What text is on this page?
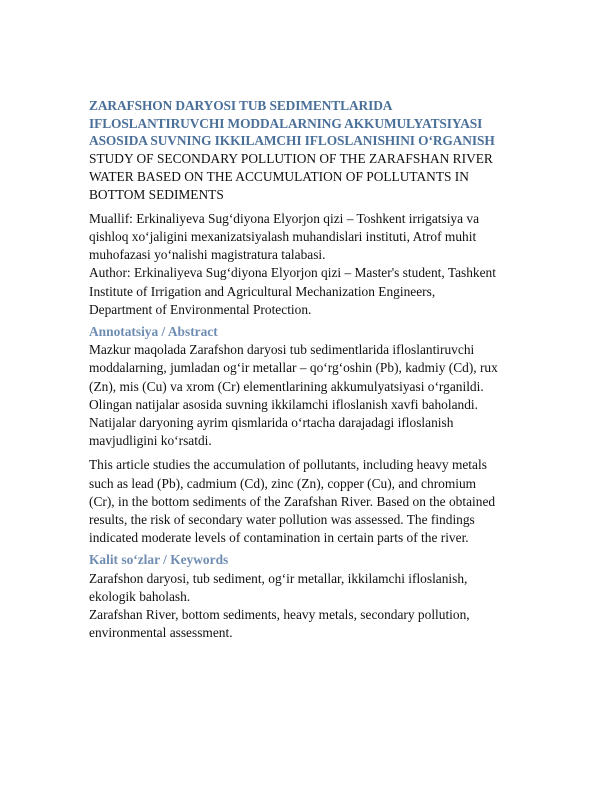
ZARAFSHON DARYOSI TUB SEDIMENTLARIDA
IFLOSLANTIRUVCHI MODDALARNING AKKUMULYATSIYASI
ASOSIDA SUVNING IKKILAMCHI IFLOSLANISHINI O‘RGANISH
STUDY OF SECONDARY POLLUTION OF THE ZARAFSHAN RIVER
WATER BASED ON THE ACCUMULATION OF POLLUTANTS IN
BOTTOM SEDIMENTS

Muallif: Erkinaliyeva Sug‘diyona Elyorjon qizi – Toshkent irrigatsiya va

qishloq xo‘jaligini mexanizatsiyalash muhandislari instituti, Atrof muhit

muhofazasi yo‘nalishi magistratura talabasi.

Author: Erkinaliyeva Sug‘diyona Elyorjon qizi – Master's student, Tashkent

Institute of Irrigation and Agricultural Mechanization Engineers,

Department of Environmental Protection.

Annotatsiya / Abstract

Mazkur maqolada Zarafshon daryosi tub sedimentlarida ifloslantiruvchi

moddalarning, jumladan og‘ir metallar – qo‘rg‘oshin (Pb), kadmiy (Cd), rux

(Zn), mis (Cu) va xrom (Cr) elementlarining akkumulyatsiyasi o‘rganildi.

Olingan natijalar asosida suvning ikkilamchi ifloslanish xavfi baholandi.

Natijalar daryoning ayrim qismlarida o‘rtacha darajadagi ifloslanish

mavjudligini ko‘rsatdi.

This article studies the accumulation of pollutants, including heavy metals

such as lead (Pb), cadmium (Cd), zinc (Zn), copper (Cu), and chromium

(Cr), in the bottom sediments of the Zarafshan River. Based on the obtained

results, the risk of secondary water pollution was assessed. The findings

indicated moderate levels of contamination in certain parts of the river.

Kalit so‘zlar / Keywords

Zarafshon daryosi, tub sediment, og‘ir metallar, ikkilamchi ifloslanish,

ekologik baholash.

Zarafshan River, bottom sediments, heavy metals, secondary pollution,

environmental assessment.
